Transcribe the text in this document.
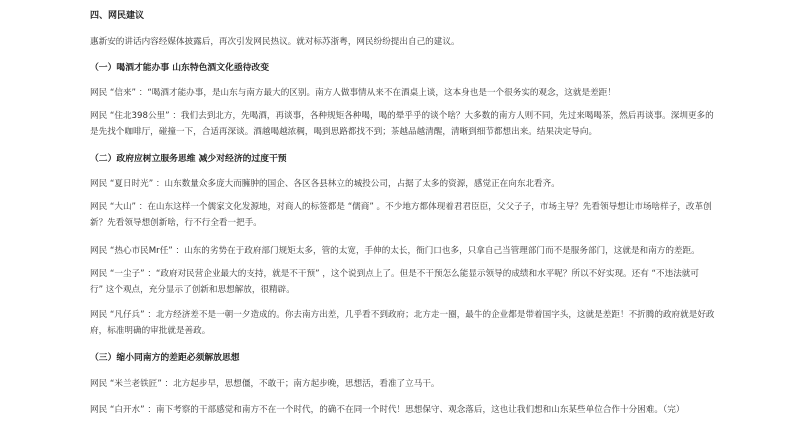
四、网民建议

惠新安的讲话内容经媒体披露后，再次引发网民热议。就对标苏浙粤，网民纷纷提出自己的建议。

（一）喝酒才能办事 山东特色酒文化亟待改变

网民 “信来” ：“喝酒才能办事，是山东与南方最大的区别。南方人做事情从来不在酒桌上谈，这本身也是一个很务实的观念，这就是差距！

网民 “住北398公里” ：我们去到北方，先喝酒，再谈事，各种规矩各种喝，喝的晕乎乎的谈个啥？大多数的南方人则不同，先过来喝喝茶，然后再谈事。深圳更多的
是先找个咖啡厅，碰撞一下，合适再深谈。酒越喝越浓稠，喝到思路都找不到；茶越品越清醒，清晰到细节都想出来。结果决定导向。

（二）政府应树立服务思维 减少对经济的过度干预

网民 “夏日时光” ：山东数量众多庞大而臃肿的国企、各区各县林立的城投公司，占据了太多的资源，感觉正在向东北看齐。

网民 “大山” ：在山东这样一个儒家文化发源地，对商人的标签都是 “儒商” 。不少地方都体现着君君臣臣，父父子子，市场主导？先看领导想让市场啥样子，改革创
新？先看领导想创新啥，行不行全看一把手。

网民 “热心市民Mr任” ：山东的劣势在于政府部门规矩太多，管的太宽，手伸的太长，衙门口也多，只拿自己当管理部门而不是服务部门，这就是和南方的差距。

网民 “一尘子” ：“政府对民营企业最大的支持，就是不干预” ，这个说到点上了。但是不干预怎么能显示领导的成绩和水平呢？所以不好实现。还有 “不违法就可
行” 这个观点，充分显示了创新和思想解放，很精辟。
网民 “凡仔兵” ：北方经济差不是一朝一夕造成的。你去南方出差，几乎看不到政府；北方走一圈，最牛的企业都是带着国字头，这就是差距！不折腾的政府就是好政
府，标准明确的审批就是善政。

（三）缩小同南方的差距必须解放思想

网民 “米兰老铁匠” ：北方起步早，思想僵，不敢干；南方起步晚，思想活，看准了立马干。

网民 “白开水” ：南下考察的干部感觉和南方不在一个时代，的确不在同一个时代！思想保守、观念落后，这也让我们想和山东某些单位合作十分困难。（完）
